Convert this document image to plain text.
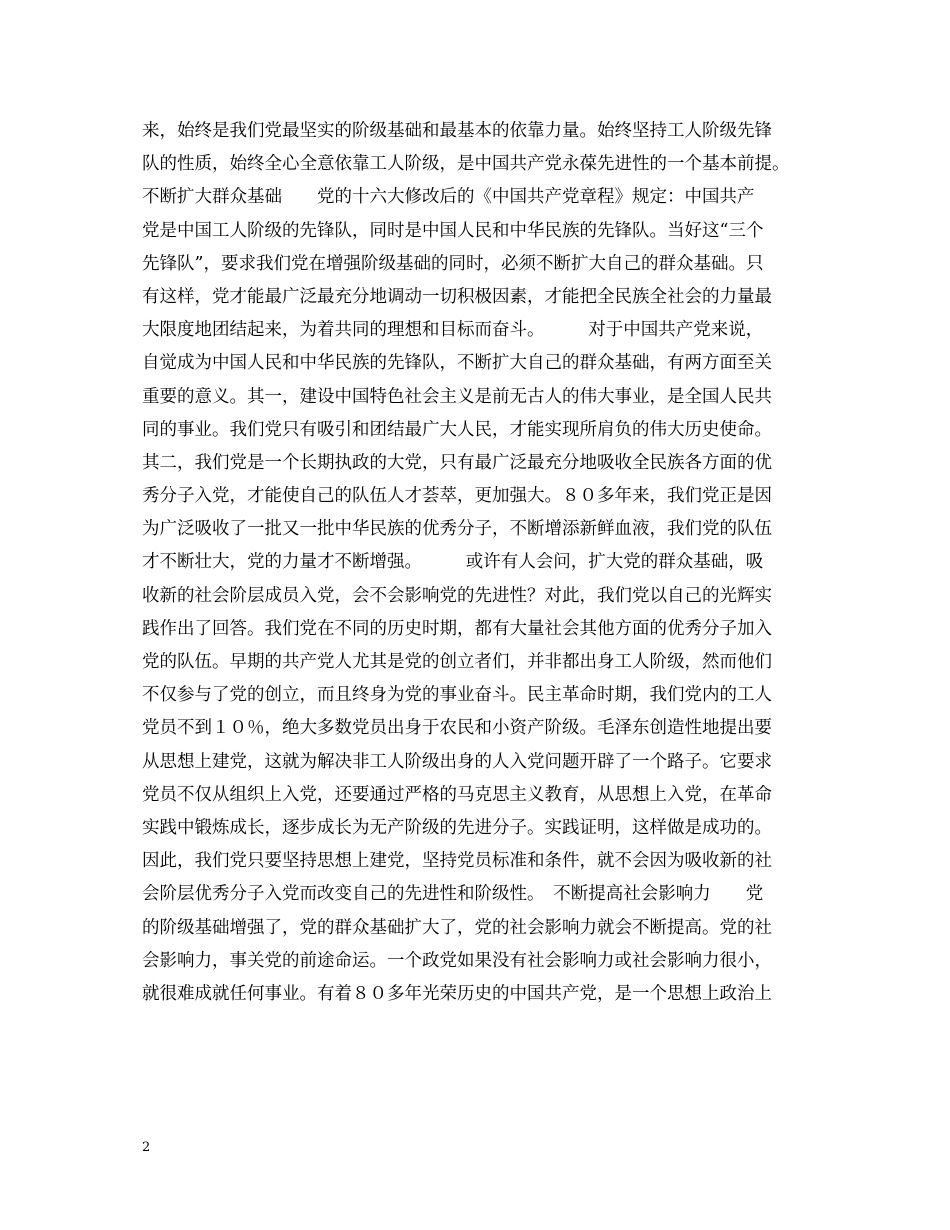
来，始终是我们党最坚实的阶级基础和最基本的依靠力量。始终坚持工人阶级先锋
队的性质，始终全心全意依靠工人阶级，是中国共产党永葆先进性的一个基本前提。
不断扩大群众基础　　党的十六大修改后的《中国共产党章程》规定：中国共产
党是中国工人阶级的先锋队，同时是中国人民和中华民族的先锋队。当好这“三个
先锋队”，要求我们党在增强阶级基础的同时，必须不断扩大自己的群众基础。只
有这样，党才能最广泛最充分地调动一切积极因素，才能把全民族全社会的力量最
大限度地团结起来，为着共同的理想和目标而奋斗。　　　对于中国共产党来说，
自觉成为中国人民和中华民族的先锋队，不断扩大自己的群众基础，有两方面至关
重要的意义。其一，建设中国特色社会主义是前无古人的伟大事业，是全国人民共
同的事业。我们党只有吸引和团结最广大人民，才能实现所肩负的伟大历史使命。
其二，我们党是一个长期执政的大党，只有最广泛最充分地吸收全民族各方面的优
秀分子入党，才能使自己的队伍人才荟萃，更加强大。８０多年来，我们党正是因
为广泛吸收了一批又一批中华民族的优秀分子，不断增添新鲜血液，我们党的队伍
才不断壮大，党的力量才不断增强。　　　或许有人会问，扩大党的群众基础，吸
收新的社会阶层成员入党，会不会影响党的先进性？对此，我们党以自己的光辉实
践作出了回答。我们党在不同的历史时期，都有大量社会其他方面的优秀分子加入
党的队伍。早期的共产党人尤其是党的创立者们，并非都出身工人阶级，然而他们
不仅参与了党的创立，而且终身为党的事业奋斗。民主革命时期，我们党内的工人
党员不到１０％，绝大多数党员出身于农民和小资产阶级。毛泽东创造性地提出要
从思想上建党，这就为解决非工人阶级出身的人入党问题开辟了一个路子。它要求
党员不仅从组织上入党，还要通过严格的马克思主义教育，从思想上入党，在革命
实践中锻炼成长，逐步成长为无产阶级的先进分子。实践证明，这样做是成功的。
因此，我们党只要坚持思想上建党，坚持党员标准和条件，就不会因为吸收新的社
会阶层优秀分子入党而改变自己的先进性和阶级性。　不断提高社会影响力　　党
的阶级基础增强了，党的群众基础扩大了，党的社会影响力就会不断提高。党的社
会影响力，事关党的前途命运。一个政党如果没有社会影响力或社会影响力很小，
就很难成就任何事业。有着８０多年光荣历史的中国共产党，是一个思想上政治上
2
